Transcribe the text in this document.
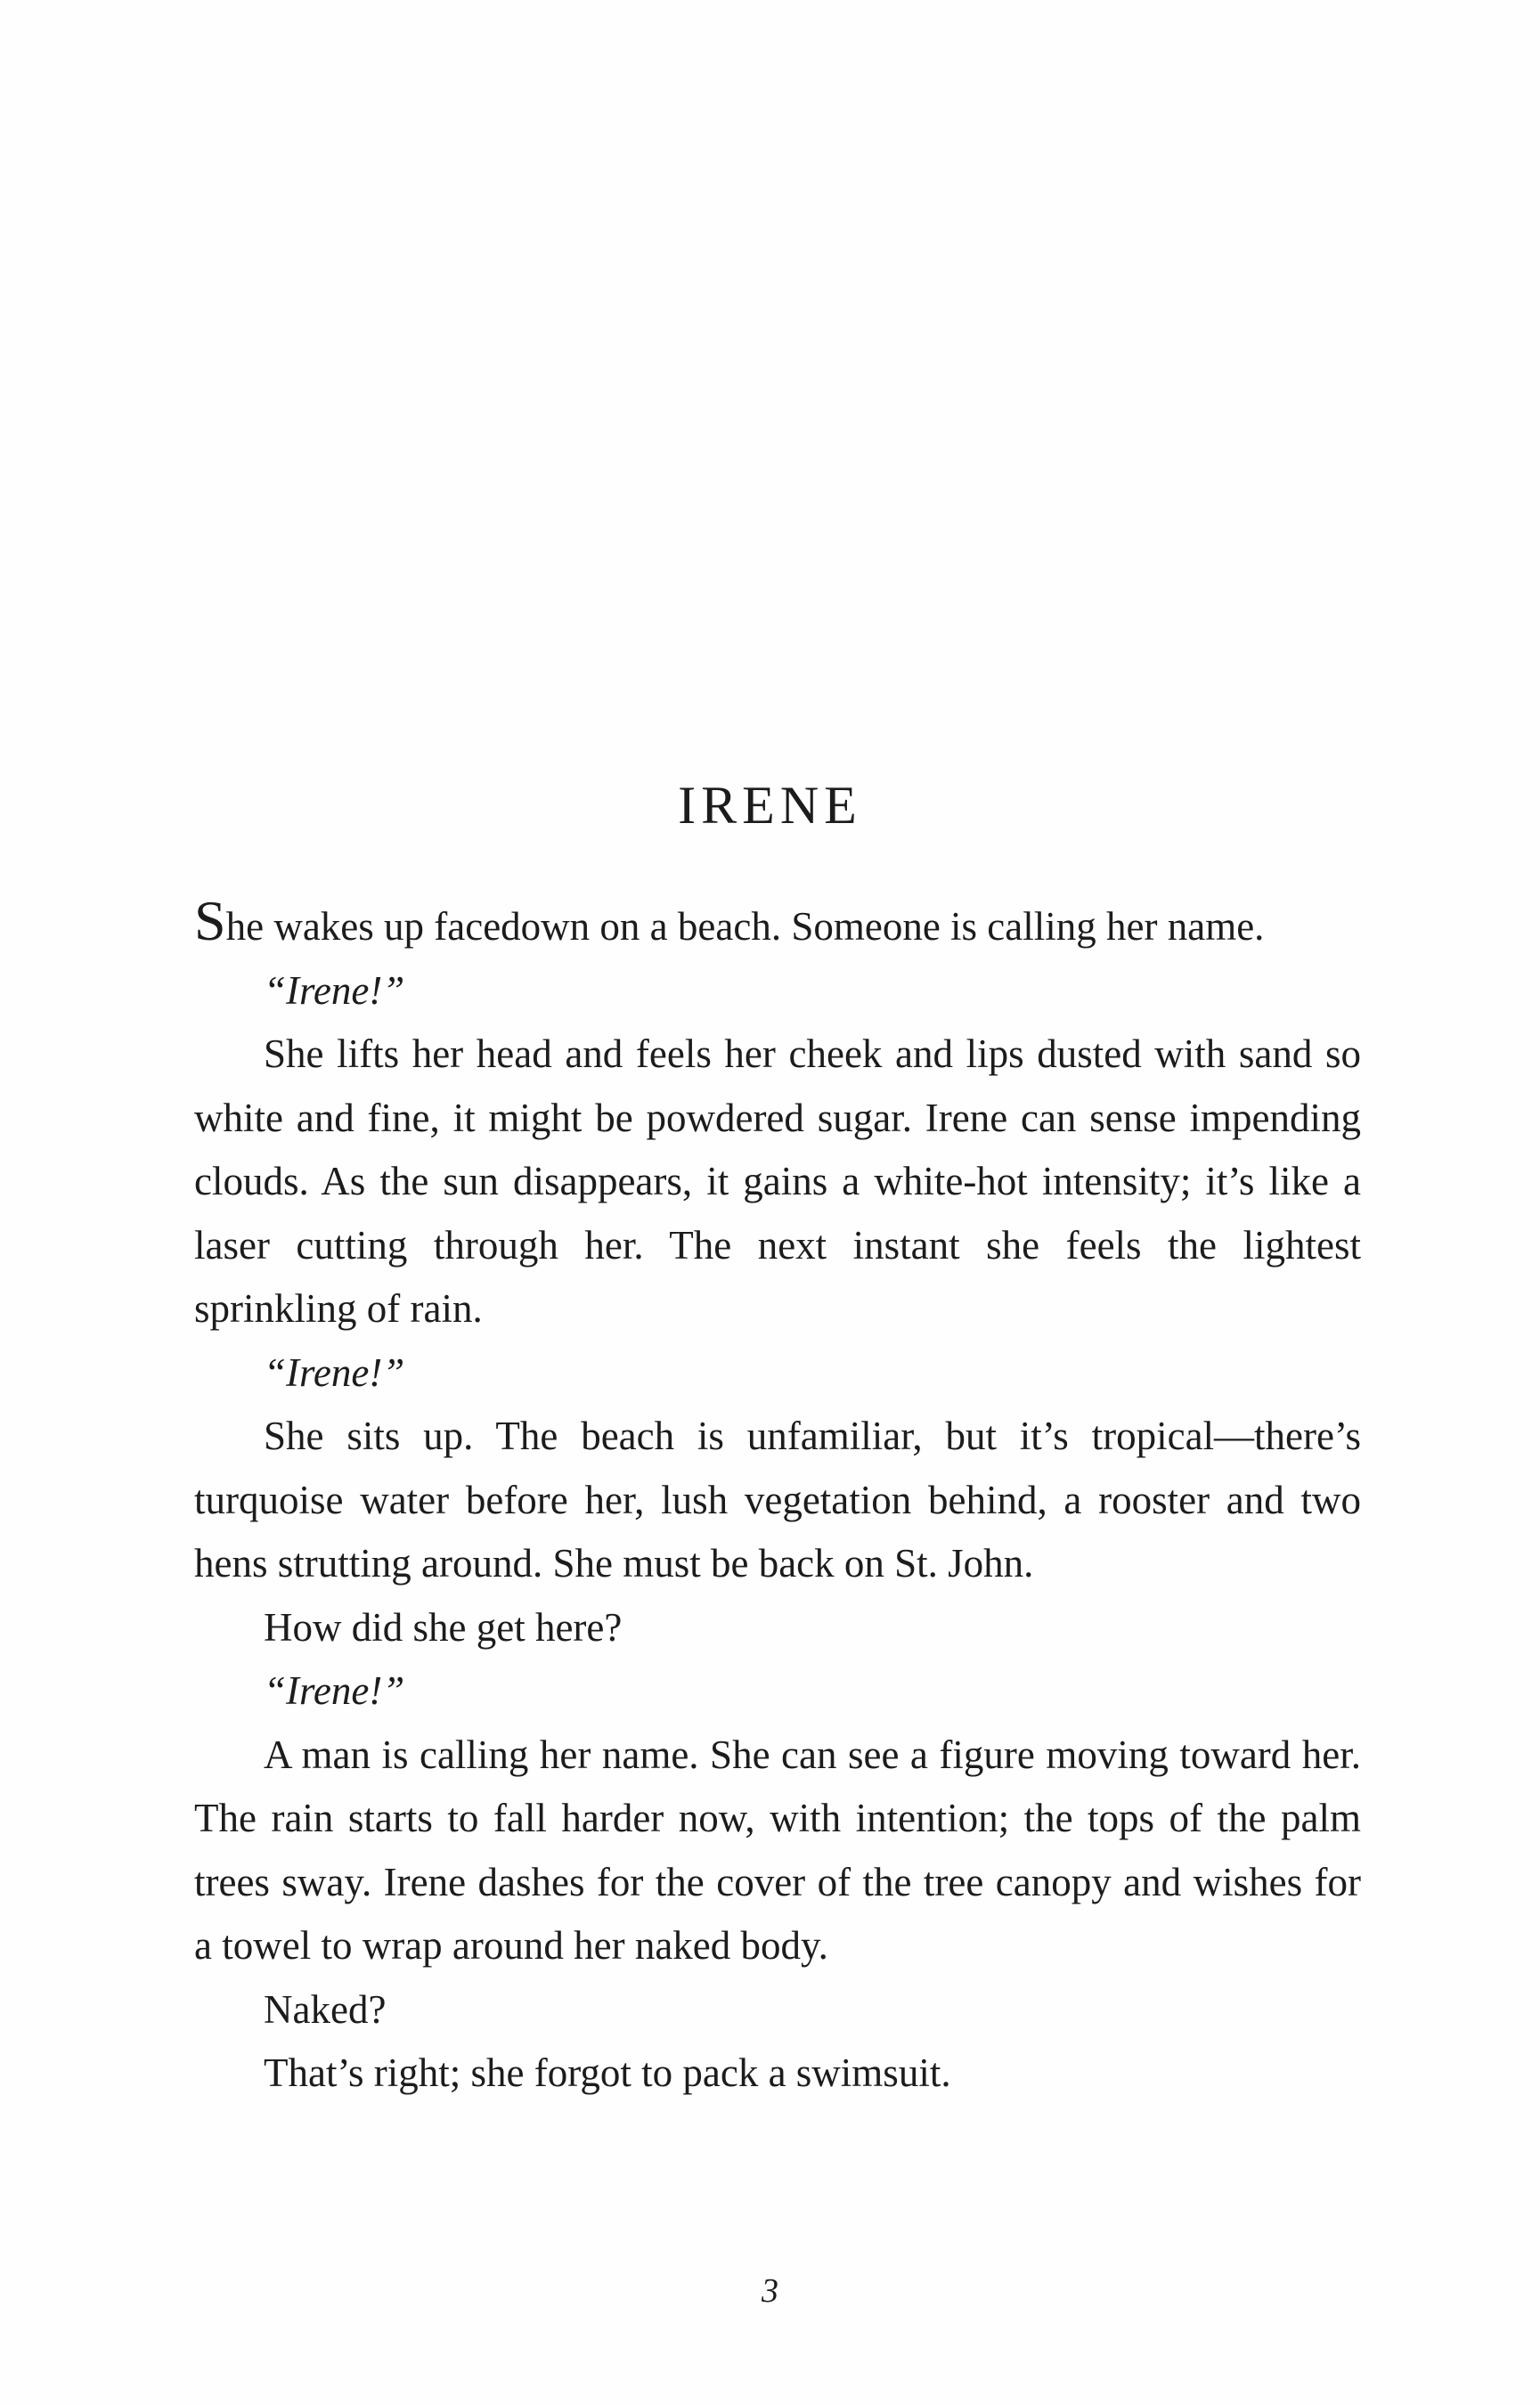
IRENE

She wakes up facedown on a beach. Someone is calling her name.

“Irene!”

She lifts her head and feels her cheek and lips dusted with sand so white and fine, it might be powdered sugar. Irene can sense impending clouds. As the sun disappears, it gains a white-hot intensity; it’s like a laser cutting through her. The next instant she feels the lightest sprinkling of rain.

“Irene!”

She sits up. The beach is unfamiliar, but it’s tropical—there’s turquoise water before her, lush vegetation behind, a rooster and two hens strutting around. She must be back on St. John.

How did she get here?

“Irene!”

A man is calling her name. She can see a figure moving toward her. The rain starts to fall harder now, with intention; the tops of the palm trees sway. Irene dashes for the cover of the tree canopy and wishes for a towel to wrap around her naked body.

Naked?

That’s right; she forgot to pack a swimsuit.

3
